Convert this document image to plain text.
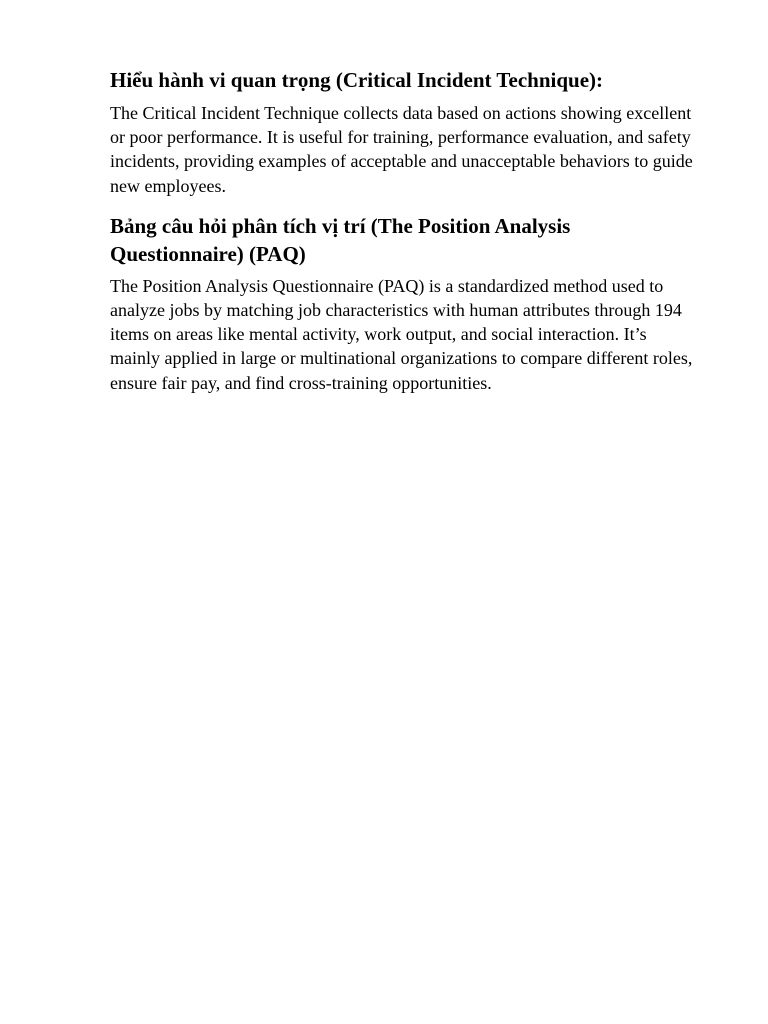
Hiểu hành vi quan trọng (Critical Incident Technique):

The Critical Incident Technique collects data based on actions showing excellent or poor performance. It is useful for training, performance evaluation, and safety incidents, providing examples of acceptable and unacceptable behaviors to guide new employees.

Bảng câu hỏi phân tích vị trí (The Position Analysis Questionnaire) (PAQ)

The Position Analysis Questionnaire (PAQ) is a standardized method used to analyze jobs by matching job characteristics with human attributes through 194 items on areas like mental activity, work output, and social interaction. It’s mainly applied in large or multinational organizations to compare different roles, ensure fair pay, and find cross-training opportunities.
